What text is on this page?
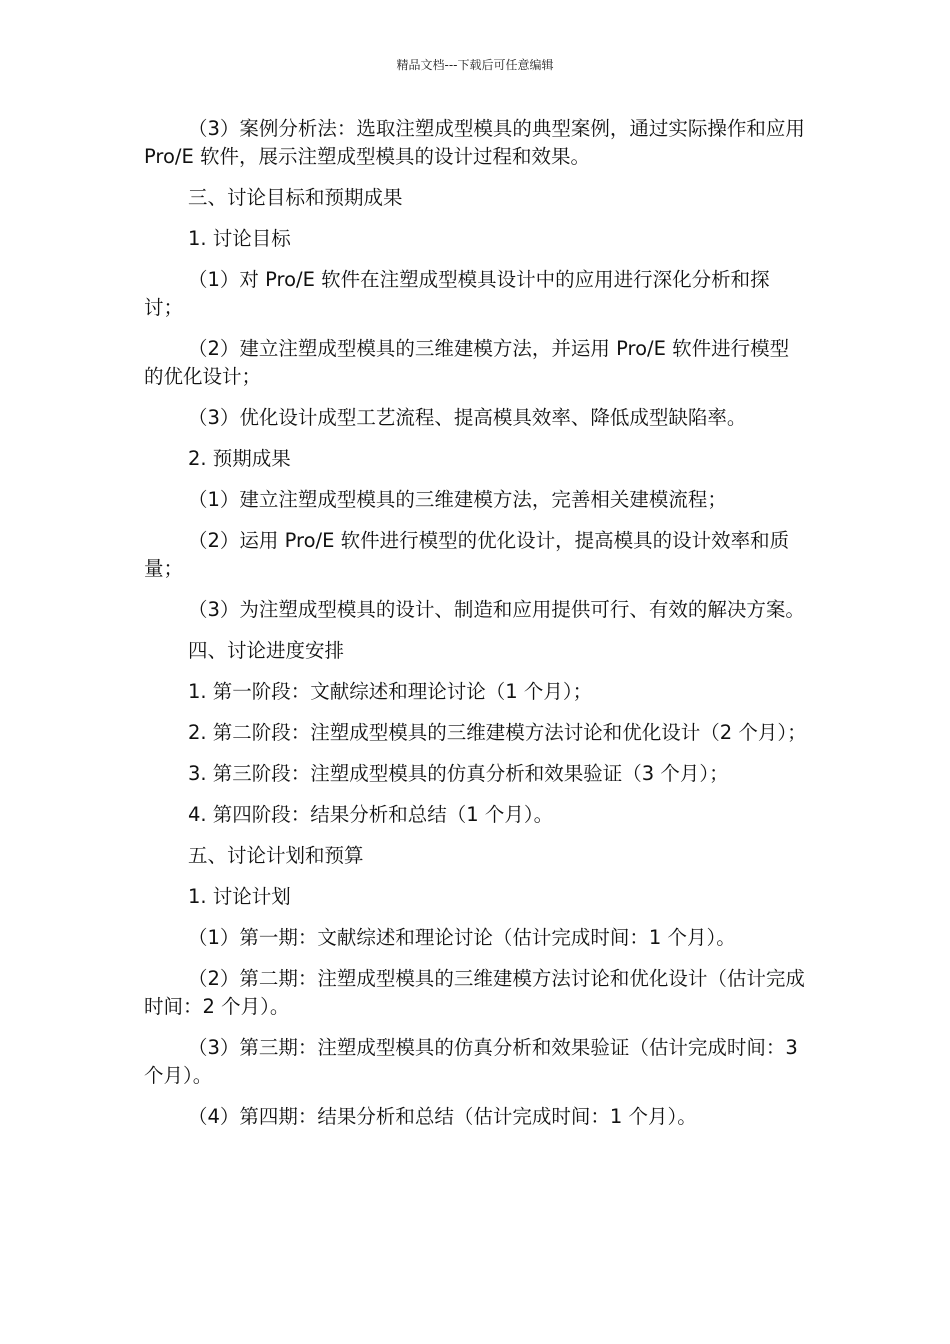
精品文档---下载后可任意编辑

（3）案例分析法：选取注塑成型模具的典型案例，通过实际操作和应用 Pro/E 软件，展示注塑成型模具的设计过程和效果。

三、讨论目标和预期成果

1. 讨论目标

（1）对 Pro/E 软件在注塑成型模具设计中的应用进行深化分析和探讨；

（2）建立注塑成型模具的三维建模方法，并运用 Pro/E 软件进行模型的优化设计；

（3）优化设计成型工艺流程、提高模具效率、降低成型缺陷率。

2. 预期成果

（1）建立注塑成型模具的三维建模方法，完善相关建模流程；

（2）运用 Pro/E 软件进行模型的优化设计，提高模具的设计效率和质量；

（3）为注塑成型模具的设计、制造和应用提供可行、有效的解决方案。

四、讨论进度安排

1. 第一阶段：文献综述和理论讨论（1 个月）；

2. 第二阶段：注塑成型模具的三维建模方法讨论和优化设计（2 个月）；

3. 第三阶段：注塑成型模具的仿真分析和效果验证（3 个月）；

4. 第四阶段：结果分析和总结（1 个月）。

五、讨论计划和预算

1. 讨论计划

（1）第一期：文献综述和理论讨论（估计完成时间：1 个月）。

（2）第二期：注塑成型模具的三维建模方法讨论和优化设计（估计完成时间：2 个月）。

（3）第三期：注塑成型模具的仿真分析和效果验证（估计完成时间：3 个月）。

（4）第四期：结果分析和总结（估计完成时间：1 个月）。
